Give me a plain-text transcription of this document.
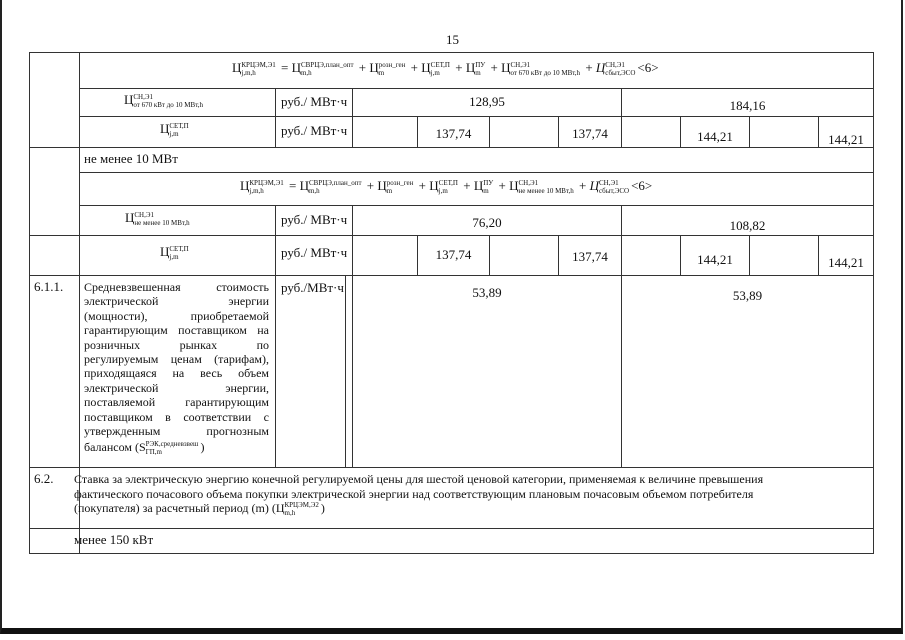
15
Ц КРЦЭМ,Э1
j,m,h	= Ц СВРЦЭ,план_опт
m,h	+ Ц розн_ген
m	+ Ц СЕТ,П
j,m + Ц ПУ
m + Ц СН,Э1
от 670 кВт до 10 МВт,h + Ц СН,Э1
сбыт,ЭСО <6>
Ц СН,Э1
от 670 кВт до 10 МВт,h	руб./ МВт·ч	128,95	184,16
Ц СЕТ,П
j,m	руб./ МВт·ч	137,74	137,74	144,21	144,21
не менее 10 МВт
Ц КРЦЭМ,Э1
j,m,h	= Ц СВРЦЭ,план_опт
m,h	+ Ц розн_ген
m	+ Ц СЕТ,П
j,m + Ц ПУ
m + Ц СН,Э1
не менее 10 МВт,h + Ц СН,Э1
сбыт,ЭСО <6>
Ц СН,Э1
не менее 10 МВт,h	руб./ МВт·ч	76,20	108,82
Ц СЕТ,П
j,m	руб./ МВт·ч	137,74	137,74	144,21	144,21
6.1.1. Средневзвешенная стоимость
электрической энергии
(мощности), приобретаемой
гарантирующим поставщиком на
розничных рынках по
регулируемым ценам (тарифам),
приходящаяся на весь объем
электрической энергии,
поставляемой гарантирующим
поставщиком в соответствии с
утвержденным прогнозным
балансом (S РЭК,средневзвеш
ГП,m	)
руб./МВт·ч	53,89	53,89
6.2. Ставка за электрическую энергию конечной регулируемой цены для шестой ценовой категории, применяемая к величине превышения
фактического почасового объема покупки электрической энергии над соответствующим плановым почасовым объемом потребителя
(покупателя) за расчетный период (m) (Ц КРЦЭМ,Э2
m,h	)
менее 150 кВт
